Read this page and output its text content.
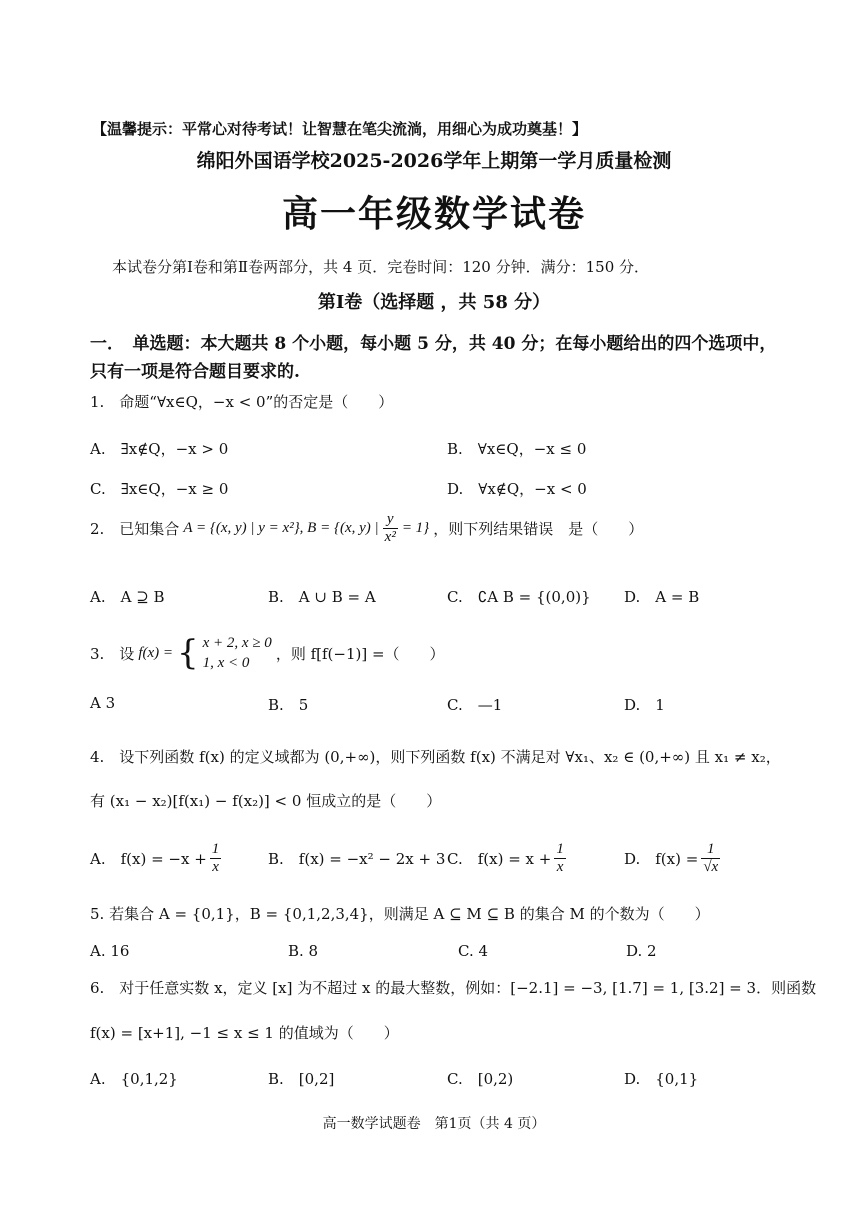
【温馨提示：平常心对待考试！让智慧在笔尖流淌，用细心为成功奠基！】
绵阳外国语学校2025-2026学年上期第一学月质量检测
高一年级数学试卷
本试卷分第Ⅰ卷和第Ⅱ卷两部分，共 4 页．完卷时间：120 分钟．满分：150 分．
第Ⅰ卷（选择题 ，共 58 分）
一．　单选题：本大题共 8 个小题，每小题 5 分，共 40 分；在每小题给出的四个选项中，
只有一项是符合题目要求的.
1.　命题“∀x∈Q，−x < 0”的否定是（　　）
A.　∃x∉Q，−x > 0	B.　∀x∈Q，−x ≤ 0
C.　∃x∈Q，−x ≥ 0	D.　∀x∉Q，−x < 0
2.　已知集合 A = {(x, y) | y = x²}, B = {(x, y) | $\frac{y}{\text{x²}} = 1$} ，则下列结果错误　是（　　）
A.　A ⊇ B	B.　A ∪ B = A	C.　∁A B = {(0,0)} D.　A = B
3.　设 f(x) = { x + 2, x ≥ 0
1, x < 0
，则 f[f(−1)] =（　　）
A 3	B.　5	C.　—1	D.　1
4.　设下列函数 f(x) 的定义域都为 (0,+∞)，则下列函数 f(x) 不满足对 ∀x₁、x₂ ∈ (0,+∞) 且 x₁ ≠ x₂，
有 (x₁ − x₂)[f(x₁) − f(x₂)] < 0 恒成立的是（　　）
A.　$f(x) = -x + \frac{1}{x}$	B.　f(x) = −x² − 2x + 3 C.　$f(x) = x + \frac{1}{x}$	D.　$f(x) = \frac{1}{√x}$
5. 若集合 A = {0,1}，B = {0,1,2,3,4}，则满足 A ⊆ M ⊆ B 的集合 M 的个数为（　　）
A. 16	B. 8	C. 4	D. 2
6.　对于任意实数 x，定义 [x] 为不超过 x 的最大整数，例如：[−2.1] = −3, [1.7] = 1, [3.2] = 3．则函数
f(x) = [x+1], −1 ≤ x ≤ 1 的值域为（　　）
A.　{0,1,2}	B.　[0,2]	C.　[0,2)	D.　{0,1}
高一数学试题卷　第1页（共 4 页）
